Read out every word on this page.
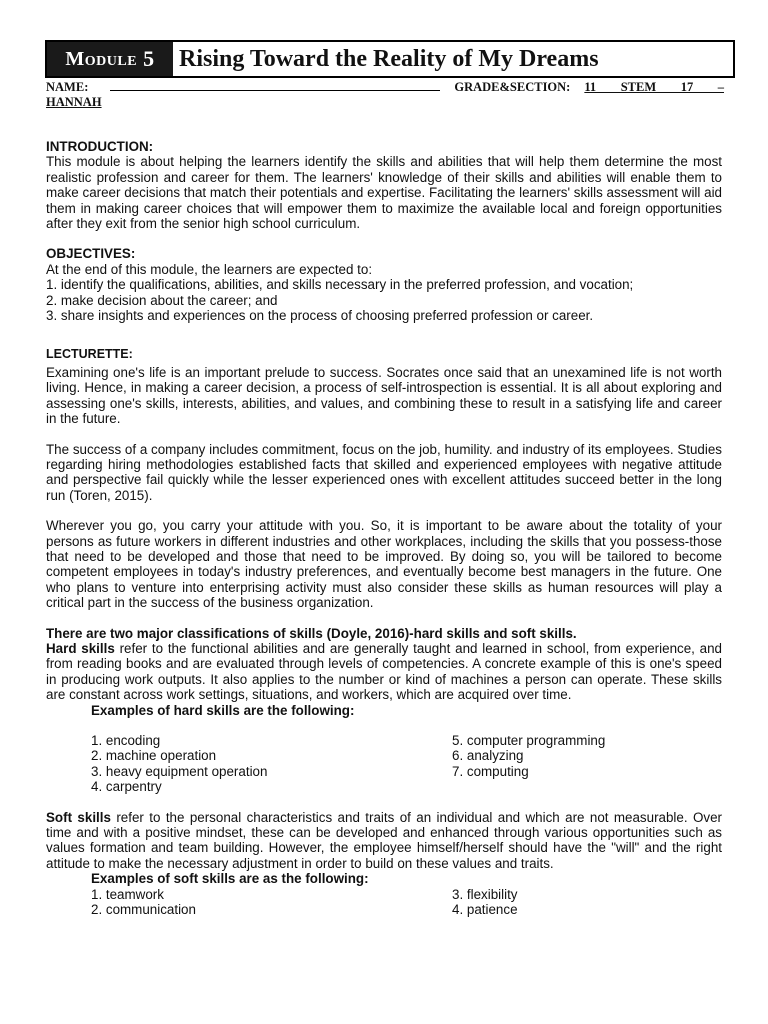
Module 5 Rising Toward the Reality of My Dreams
NAME:	GRADE&SECTION: 11 STEM 17 –
HANNAH
INTRODUCTION:

This module is about helping the learners identify the skills and abilities that will help them determine the most realistic profession and career for them. The learners' knowledge of their skills and abilities will enable them to make career decisions that match their potentials and expertise. Facilitating the learners' skills assessment will aid them in making career choices that will empower them to maximize the available local and foreign opportunities after they exit from the senior high school curriculum.

OBJECTIVES:
At the end of this module, the learners are expected to:
1. identify the qualifications, abilities, and skills necessary in the preferred profession, and vocation;
2. make decision about the career; and
3. share insights and experiences on the process of choosing preferred profession or career.
LECTURETTE:

Examining one's life is an important prelude to success. Socrates once said that an unexamined life is not worth living. Hence, in making a career decision, a process of self-introspection is essential. It is all about exploring and assessing one's skills, interests, abilities, and values, and combining these to result in a satisfying life and career in the future.

The success of a company includes commitment, focus on the job, humility. and industry of its employees. Studies regarding hiring methodologies established facts that skilled and experienced employees with negative attitude and perspective fail quickly while the lesser experienced ones with excellent attitudes succeed better in the long run (Toren, 2015).

Wherever you go, you carry your attitude with you. So, it is important to be aware about the totality of your persons as future workers in different industries and other workplaces, including the skills that you possess-those that need to be developed and those that need to be improved. By doing so, you will be tailored to become competent employees in today's industry preferences, and eventually become best managers in the future. One who plans to venture into enterprising activity must also consider these skills as human resources will play a critical part in the success of the business organization.

There are two major classifications of skills (Doyle, 2016)-hard skills and soft skills.

Hard skills refer to the functional abilities and are generally taught and learned in school, from experience, and from reading books and are evaluated through levels of competencies. A concrete example of this is one's speed in producing work outputs. It also applies to the number or kind of machines a person can operate. These skills are constant across work settings, situations, and workers, which are acquired over time.

Examples of hard skills are the following:
1. encoding
2. machine operation
3. heavy equipment operation
4. carpentry
5. computer programming
6. analyzing
7. computing

Soft skills refer to the personal characteristics and traits of an individual and which are not measurable. Over time and with a positive mindset, these can be developed and enhanced through various opportunities such as values formation and team building. However, the employee himself/herself should have the "will" and the right attitude to make the necessary adjustment in order to build on these values and traits.

Examples of soft skills are as the following:
1. teamwork
2. communication
3. flexibility
4. patience
